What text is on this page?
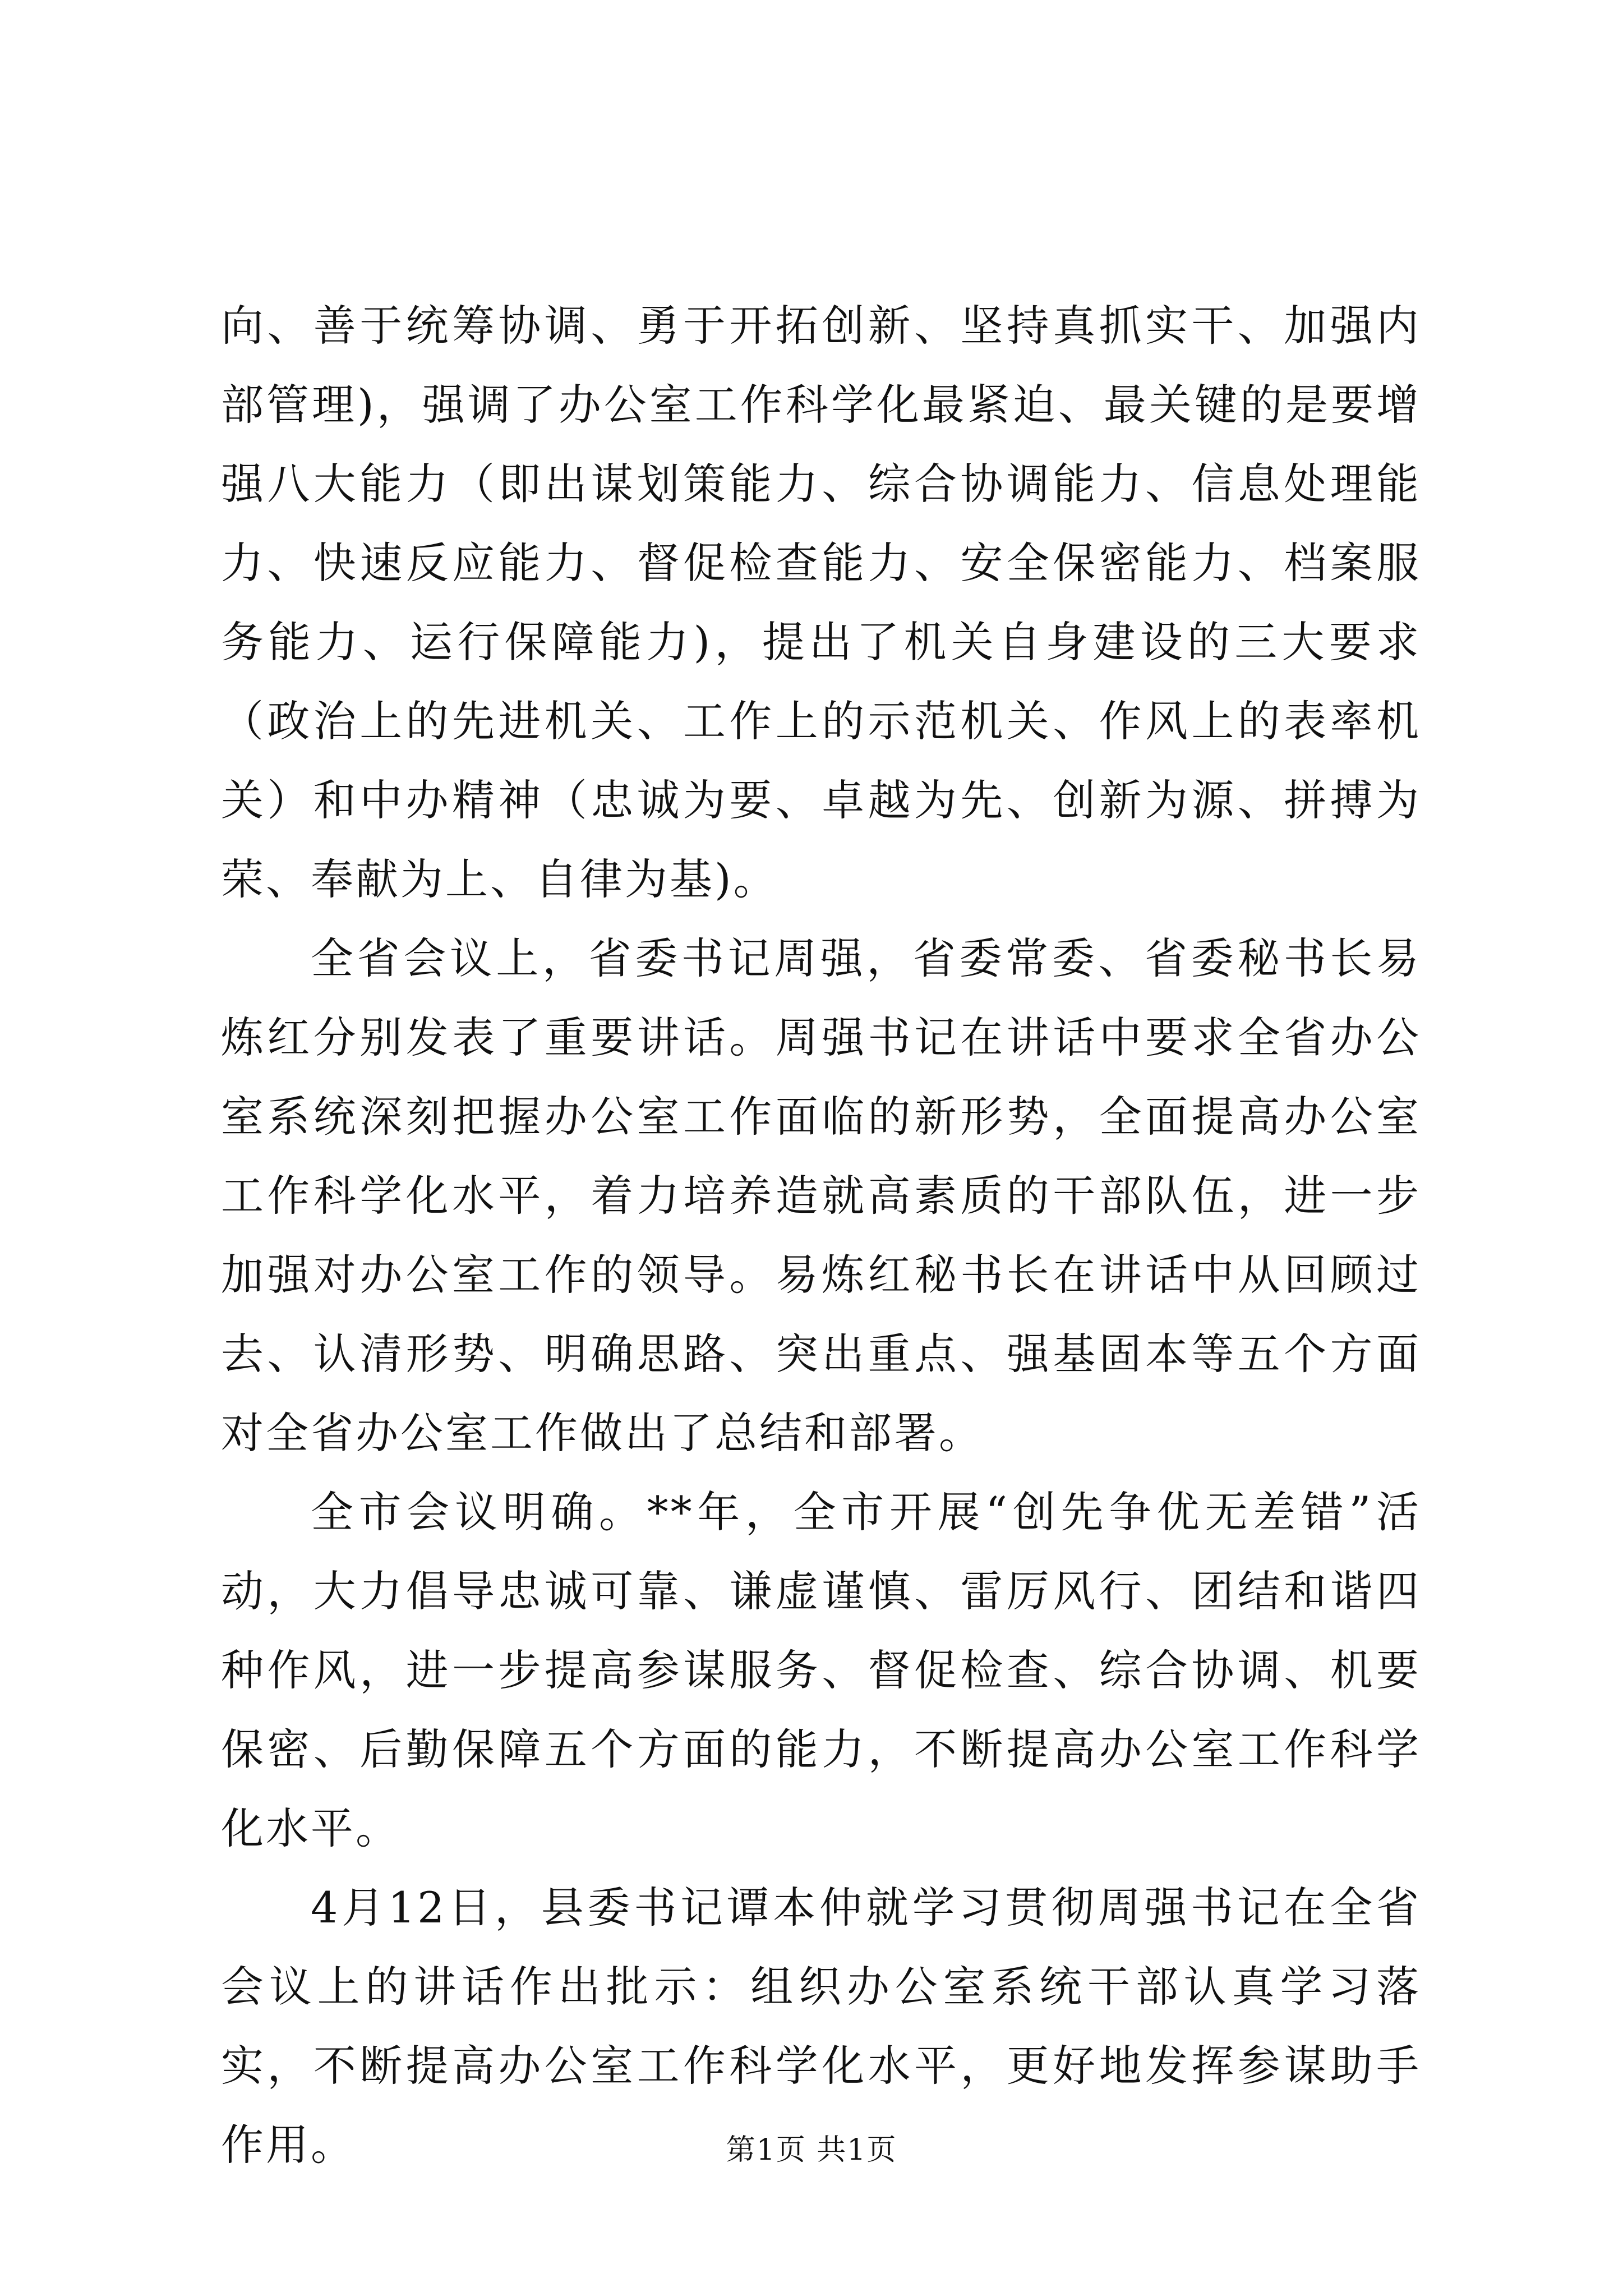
向、善于统筹协调、勇于开拓创新、坚持真抓实干、加强内部管理)，强调了办公室工作科学化最紧迫、最关键的是要增强八大能力（即出谋划策能力、综合协调能力、信息处理能力、快速反应能力、督促检查能力、安全保密能力、档案服务能力、运行保障能力)，提出了机关自身建设的三大要求（政治上的先进机关、工作上的示范机关、作风上的表率机关）和中办精神（忠诚为要、卓越为先、创新为源、拼搏为荣、奉献为上、自律为基)。

全省会议上，省委书记周强，省委常委、省委秘书长易炼红分别发表了重要讲话。周强书记在讲话中要求全省办公室系统深刻把握办公室工作面临的新形势，全面提高办公室工作科学化水平，着力培养造就高素质的干部队伍，进一步加强对办公室工作的领导。易炼红秘书长在讲话中从回顾过去、认清形势、明确思路、突出重点、强基固本等五个方面对全省办公室工作做出了总结和部署。

全市会议明确。**年，全市开展“创先争优无差错”活动，大力倡导忠诚可靠、谦虚谨慎、雷厉风行、团结和谐四种作风，进一步提高参谋服务、督促检查、综合协调、机要保密、后勤保障五个方面的能力，不断提高办公室工作科学化水平。

4月12日，县委书记谭本仲就学习贯彻周强书记在全省会议上的讲话作出批示：组织办公室系统干部认真学习落实，不断提高办公室工作科学化水平，更好地发挥参谋助手作用。	第1页 共1页
